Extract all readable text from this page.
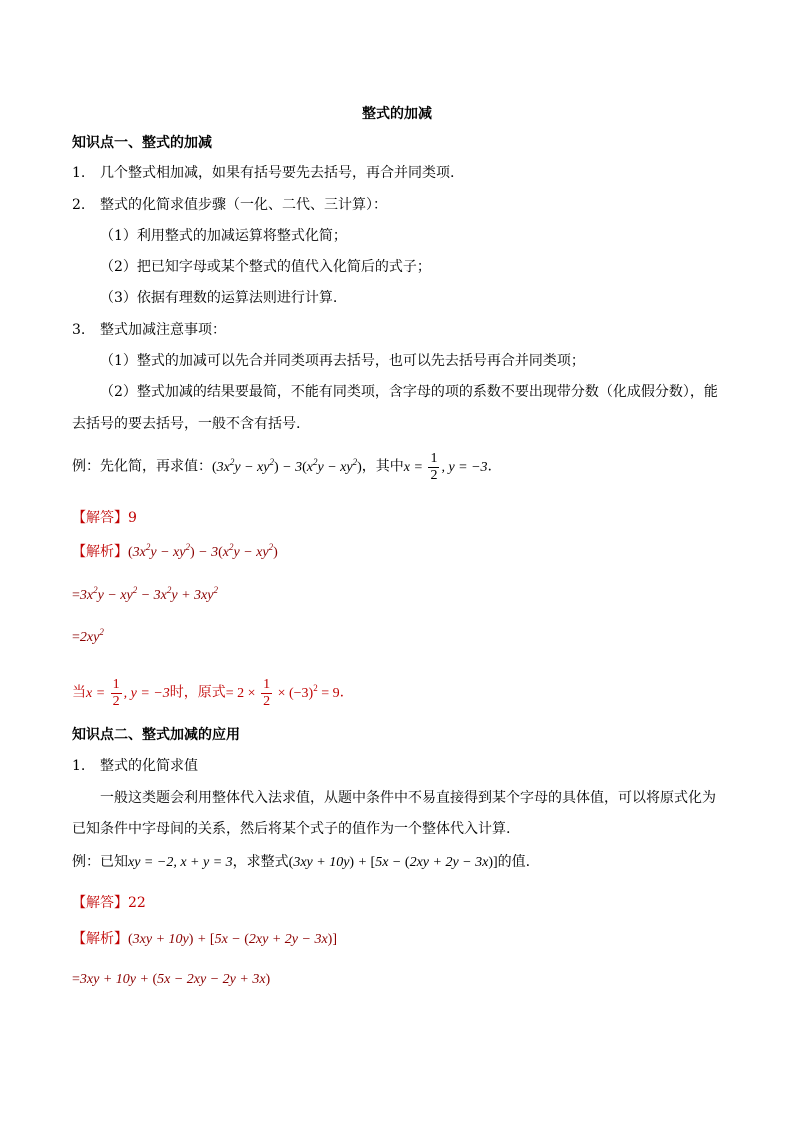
整式的加减
知识点一、整式的加减
1. 几个整式相加减，如果有括号要先去括号，再合并同类项.
2. 整式的化简求值步骤（一化、二代、三计算）：
（1）利用整式的加减运算将整式化简；
（2）把已知字母或某个整式的值代入化简后的式子；
（3）依据有理数的运算法则进行计算.
3. 整式加减注意事项：
（1）整式的加减可以先合并同类项再去括号，也可以先去括号再合并同类项；
（2）整式加减的结果要最简，不能有同类项，含字母的项的系数不要出现带分数（化成假分数），能
去括号的要去括号，一般不含有括号.
例：先化简，再求值：$(3x^2y - xy^2) - 3(x^2y - xy^2)$，其中$x = \frac{1}{2}$ , y = −3.
【解答】9
【解析】$(3x^2y - xy^2) - 3(x^2y - xy^2)$
$=3x^2y - xy^2 - 3x^2y + 3xy^2$
$=2xy^2$
当$x = \frac{1}{2}$ , y = −3时，原式= $2 \times \frac{1}{2} \times (-3)^2 = 9$.
知识点二、整式加减的应用
1. 整式的化简求值
一般这类题会利用整体代入法求值，从题中条件中不易直接得到某个字母的具体值，可以将原式化为
已知条件中字母间的关系，然后将某个式子的值作为一个整体代入计算.
例：已知xy = −2, x + y = 3，求整式(3xy + 10y) + [5x − (2xy + 2y − 3x)]的值.
【解答】22
【解析】(3xy + 10y) + [5x − (2xy + 2y − 3x)]
=3xy + 10y + (5x − 2xy − 2y + 3x)
